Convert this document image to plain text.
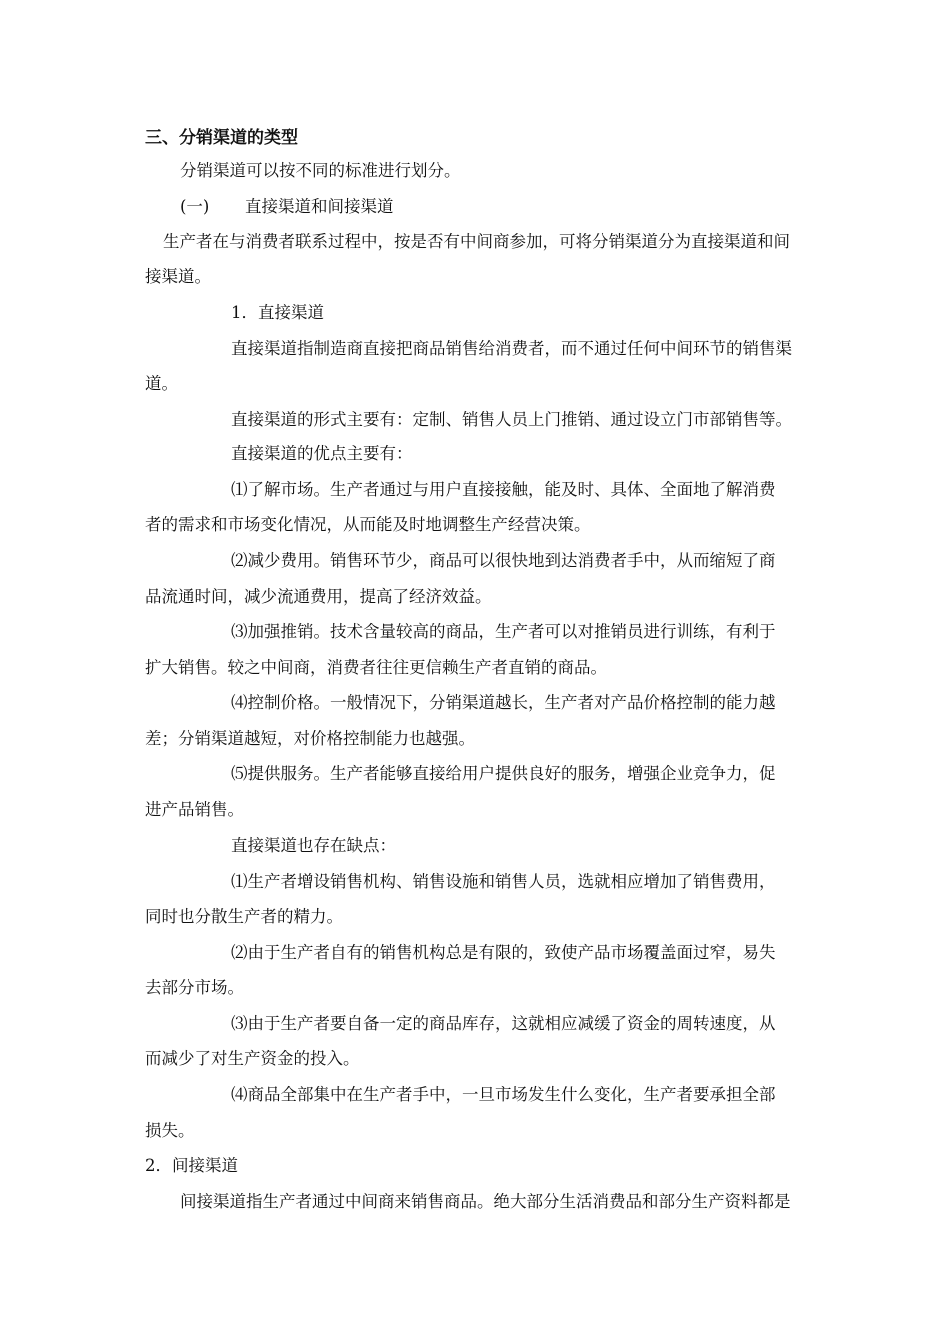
三、分销渠道的类型
分销渠道可以按不同的标准进行划分。
(一) 直接渠道和间接渠道
生产者在与消费者联系过程中，按是否有中间商参加，可将分销渠道分为直接渠道和间
接渠道。
1．直接渠道
直接渠道指制造商直接把商品销售给消费者，而不通过任何中间环节的销售渠
道。
直接渠道的形式主要有：定制、销售人员上门推销、通过设立门市部销售等。
直接渠道的优点主要有：
⑴了解市场。生产者通过与用户直接接触，能及时、具体、全面地了解消费
者的需求和市场变化情况，从而能及时地调整生产经营决策。
⑵减少费用。销售环节少，商品可以很快地到达消费者手中，从而缩短了商
品流通时间，减少流通费用，提高了经济效益。
⑶加强推销。技术含量较高的商品，生产者可以对推销员进行训练，有利于
扩大销售。较之中间商，消费者往往更信赖生产者直销的商品。
⑷控制价格。一般情况下，分销渠道越长，生产者对产品价格控制的能力越
差；分销渠道越短，对价格控制能力也越强。
⑸提供服务。生产者能够直接给用户提供良好的服务，增强企业竞争力，促
进产品销售。
直接渠道也存在缺点：
⑴生产者增设销售机构、销售设施和销售人员，选就相应增加了销售费用，
同时也分散生产者的精力。
⑵由于生产者自有的销售机构总是有限的，致使产品市场覆盖面过窄，易失
去部分市场。
⑶由于生产者要自备一定的商品库存，这就相应减缓了资金的周转速度，从
而减少了对生产资金的投入。
⑷商品全部集中在生产者手中，一旦市场发生什么变化，生产者要承担全部
损失。
2．间接渠道
间接渠道指生产者通过中间商来销售商品。绝大部分生活消费品和部分生产资料都是
